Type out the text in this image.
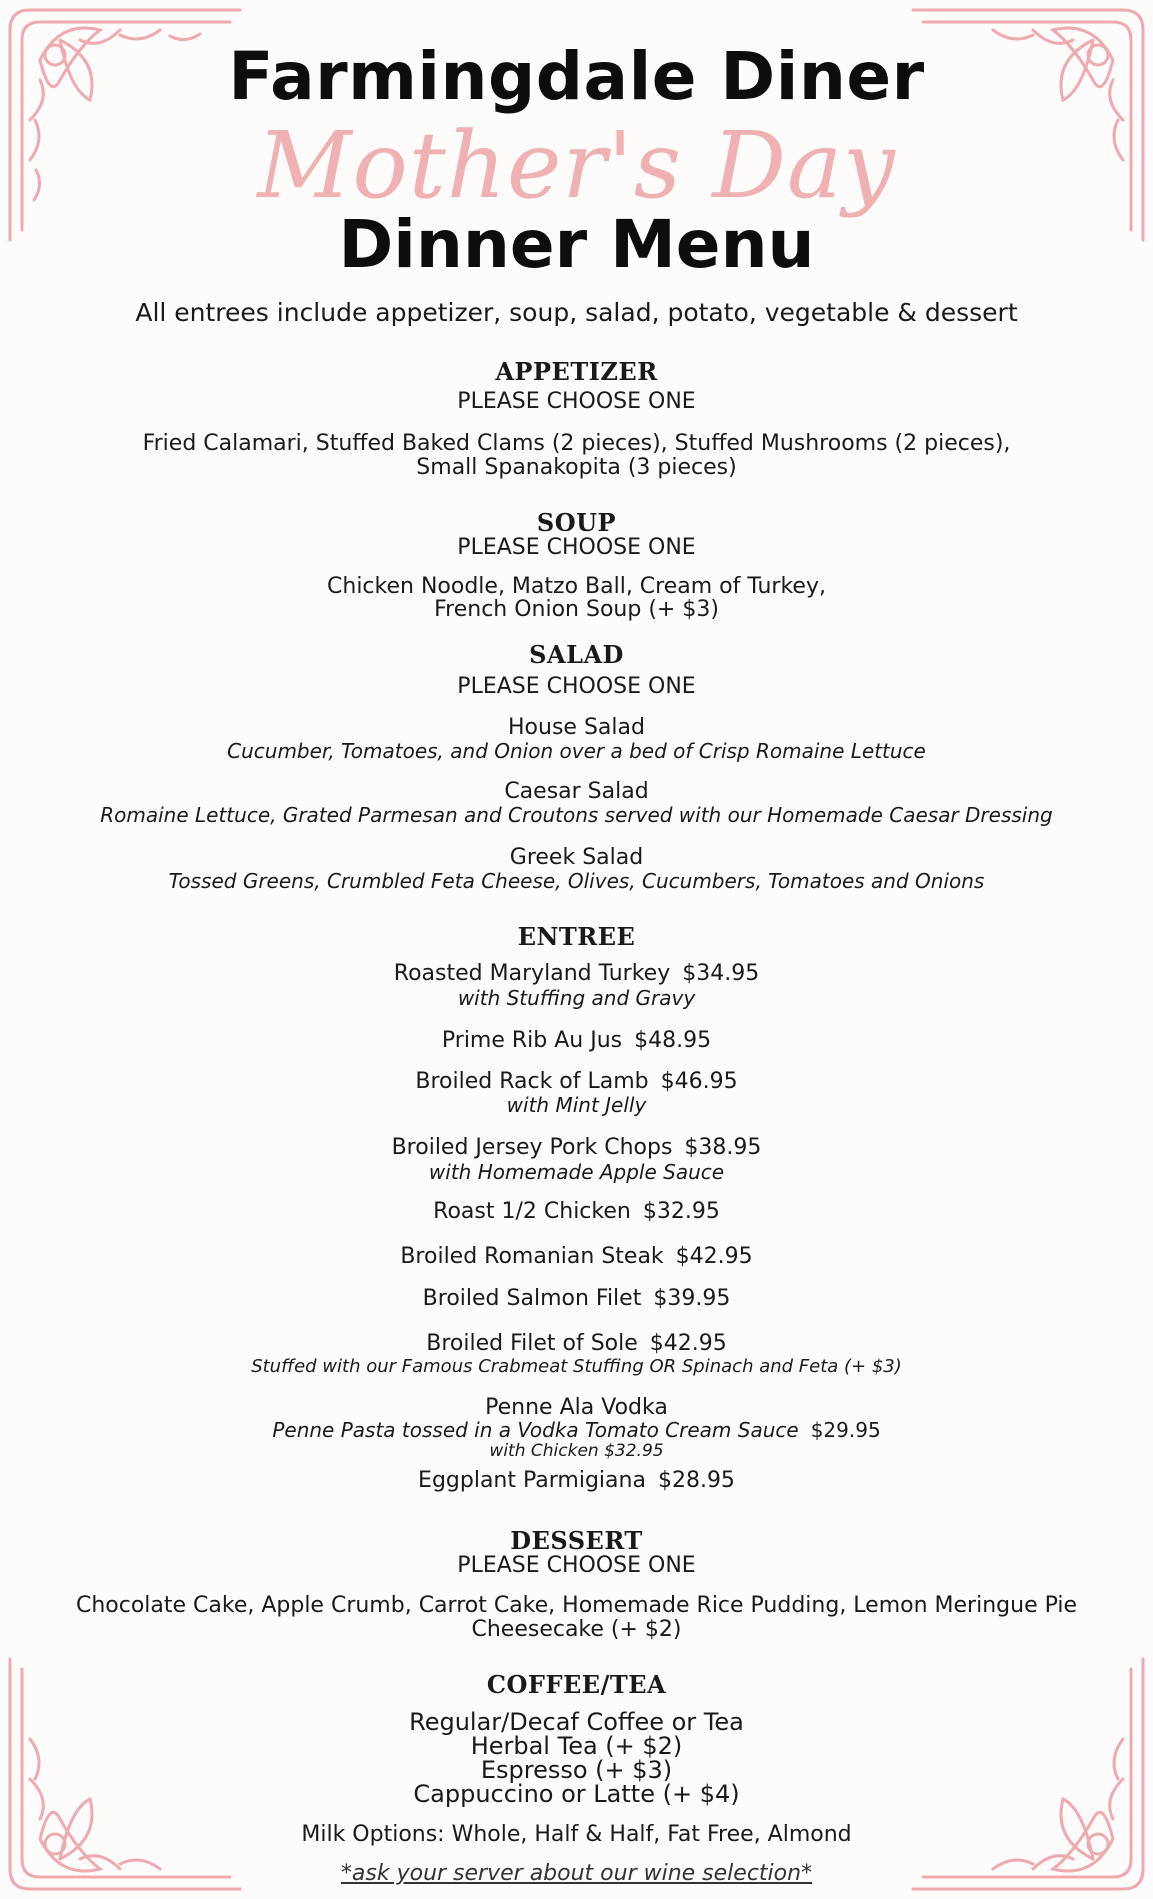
Farmingdale Diner
Mother's Day
Dinner Menu
All entrees include appetizer, soup, salad, potato, vegetable & dessert
APPETIZER
PLEASE CHOOSE ONE
Fried Calamari, Stuffed Baked Clams (2 pieces), Stuffed Mushrooms (2 pieces),
Small Spanakopita (3 pieces)
SOUP
PLEASE CHOOSE ONE
Chicken Noodle, Matzo Ball, Cream of Turkey,
French Onion Soup (+ $3)
SALAD
PLEASE CHOOSE ONE
House Salad
Cucumber, Tomatoes, and Onion over a bed of Crisp Romaine Lettuce
Caesar Salad
Romaine Lettuce, Grated Parmesan and Croutons served with our Homemade Caesar Dressing
Greek Salad
Tossed Greens, Crumbled Feta Cheese, Olives, Cucumbers, Tomatoes and Onions
ENTREE
Roasted Maryland Turkey $34.95
with Stuffing and Gravy
Prime Rib Au Jus $48.95
Broiled Rack of Lamb $46.95
with Mint Jelly
Broiled Jersey Pork Chops $38.95
with Homemade Apple Sauce
Roast 1/2 Chicken $32.95
Broiled Romanian Steak $42.95
Broiled Salmon Filet $39.95
Broiled Filet of Sole $42.95
Stuffed with our Famous Crabmeat Stuffing OR Spinach and Feta (+ $3)
Penne Ala Vodka
Penne Pasta tossed in a Vodka Tomato Cream Sauce $29.95
with Chicken $32.95
Eggplant Parmigiana $28.95
DESSERT
PLEASE CHOOSE ONE
Chocolate Cake, Apple Crumb, Carrot Cake, Homemade Rice Pudding, Lemon Meringue Pie
Cheesecake (+ $2)
COFFEE/TEA
Regular/Decaf Coffee or Tea
Herbal Tea (+ $2)
Espresso (+ $3)
Cappuccino or Latte (+ $4)
Milk Options: Whole, Half & Half, Fat Free, Almond
*ask your server about our wine selection*
